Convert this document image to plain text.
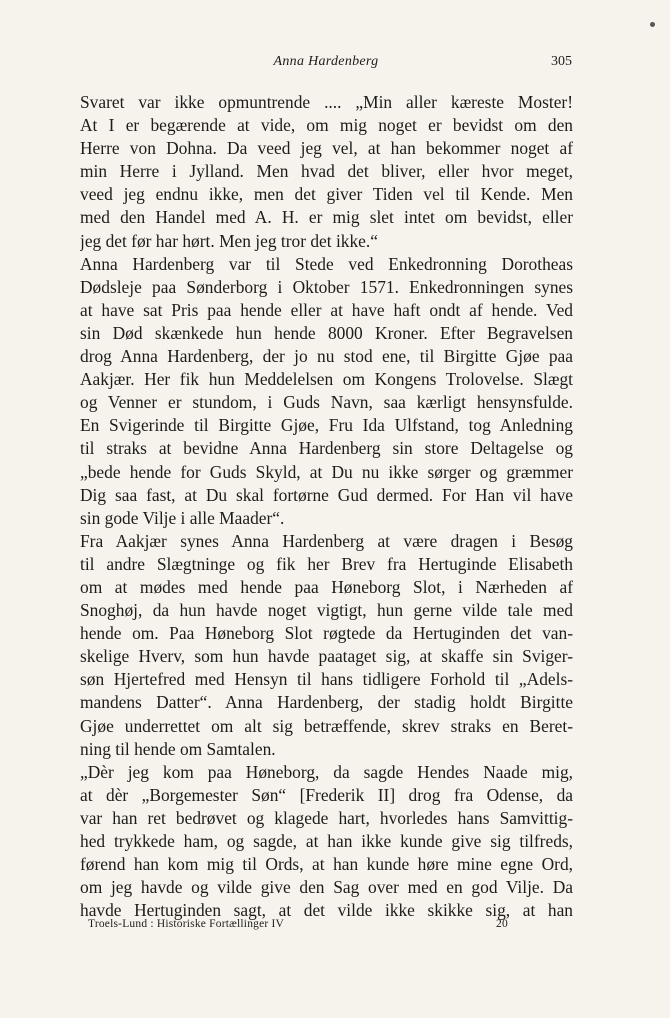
Anna Hardenberg	305
Svaret var ikke opmuntrende .... „Min aller kæreste Moster!
At I er begærende at vide, om mig noget er bevidst om den
Herre von Dohna. Da veed jeg vel, at han bekommer noget af
min Herre i Jylland. Men hvad det bliver, eller hvor meget,
veed jeg endnu ikke, men det giver Tiden vel til Kende. Men
med den Handel med A. H. er mig slet intet om bevidst, eller
jeg det før har hørt. Men jeg tror det ikke.“
Anna Hardenberg var til Stede ved Enkedronning Dorotheas
Dødsleje paa Sønderborg i Oktober 1571. Enkedronningen synes
at have sat Pris paa hende eller at have haft ondt af hende. Ved
sin Død skænkede hun hende 8000 Kroner. Efter Begravelsen
drog Anna Hardenberg, der jo nu stod ene, til Birgitte Gjøe paa
Aakjær. Her fik hun Meddelelsen om Kongens Trolovelse. Slægt
og Venner er stundom, i Guds Navn, saa kærligt hensynsfulde.
En Svigerinde til Birgitte Gjøe, Fru Ida Ulfstand, tog Anledning
til straks at bevidne Anna Hardenberg sin store Deltagelse og
„bede hende for Guds Skyld, at Du nu ikke sørger og græmmer
Dig saa fast, at Du skal fortørne Gud dermed. For Han vil have
sin gode Vilje i alle Maader“.
Fra Aakjær synes Anna Hardenberg at være dragen i Besøg
til andre Slægtninge og fik her Brev fra Hertuginde Elisabeth
om at mødes med hende paa Høneborg Slot, i Nærheden af
Snoghøj, da hun havde noget vigtigt, hun gerne vilde tale med
hende om. Paa Høneborg Slot røgtede da Hertuginden det van-
skelige Hverv, som hun havde paataget sig, at skaffe sin Sviger-
søn Hjertefred med Hensyn til hans tidligere Forhold til „Adels-
mandens Datter“. Anna Hardenberg, der stadig holdt Birgitte
Gjøe underrettet om alt sig betræffende, skrev straks en Beret-
ning til hende om Samtalen.
„Dèr jeg kom paa Høneborg, da sagde Hendes Naade mig,
at dèr „Borgemester Søn“ [Frederik II] drog fra Odense, da
var han ret bedrøvet og klagede hart, hvorledes hans Samvittig-
hed trykkede ham, og sagde, at han ikke kunde give sig tilfreds,
førend han kom mig til Ords, at han kunde høre mine egne Ord,
om jeg havde og vilde give den Sag over med en god Vilje. Da
havde Hertuginden sagt, at det vilde ikke skikke sig, at han
Troels-Lund : Historiske Fortællinger IV	20
